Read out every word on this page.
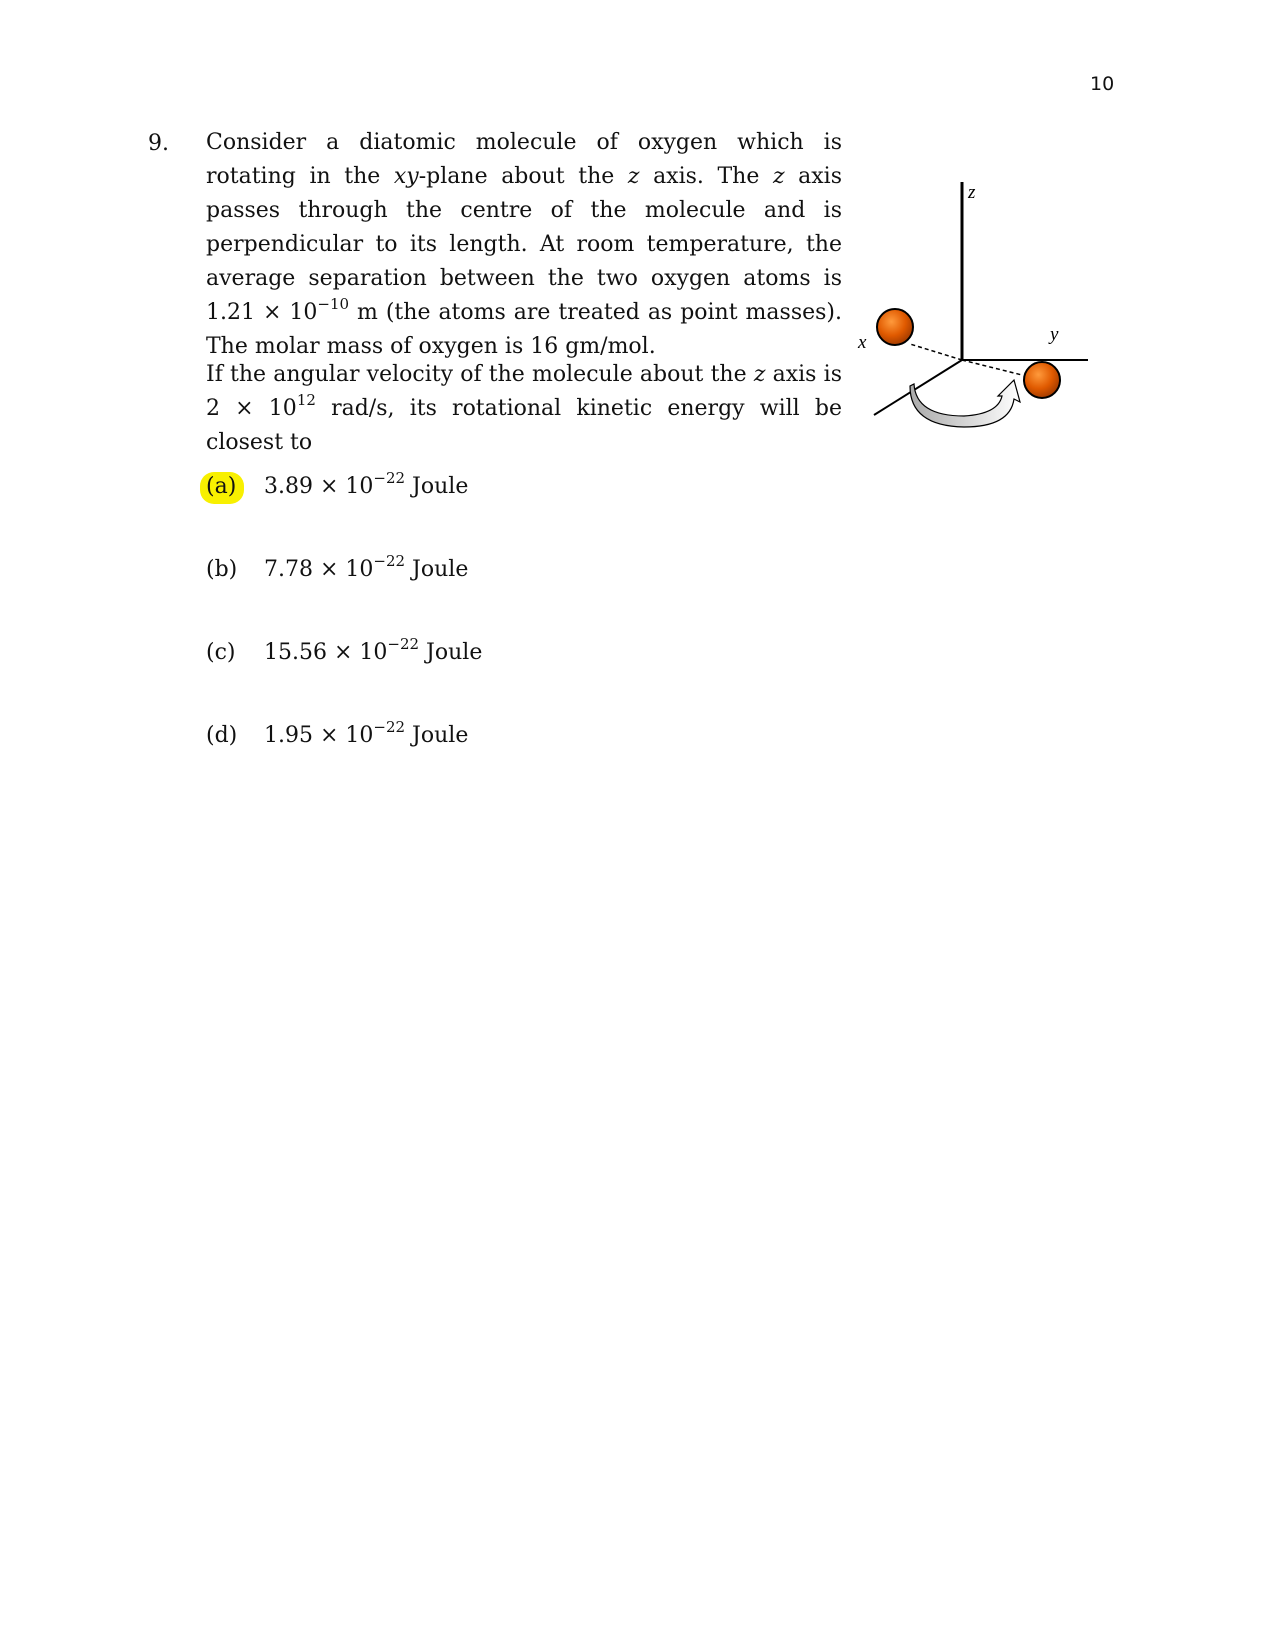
10
9. Consider a diatomic molecule of oxygen which is rotating in the xy-plane about the z axis. The z axis passes through the centre of the molecule and is perpendicular to its length. At room temperature, the average separation between the two oxygen atoms is $1.21 \times 10^{-10}$ m (the atoms are treated as point masses). The molar mass of oxygen is 16 gm/mol.

If the angular velocity of the molecule about the z axis is $2 \times 10^{12}$ rad/s, its rotational kinetic energy will be closest to

(a) $3.89 \times 10^{-22}$ Joule
(b) $7.78 \times 10^{-22}$ Joule
(c) $15.56 \times 10^{-22}$ Joule
(d) $1.95 \times 10^{-22}$ Joule
z
x	y
